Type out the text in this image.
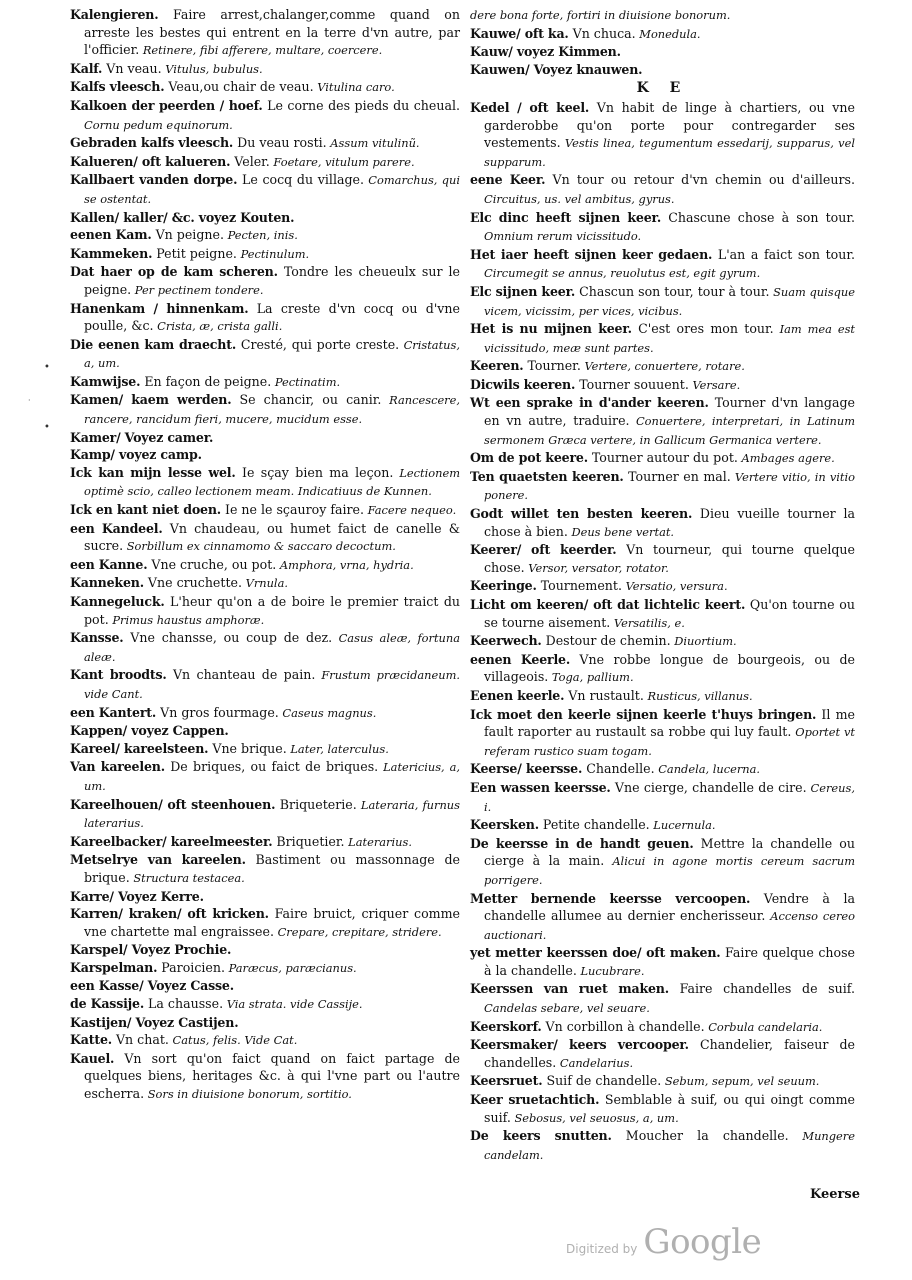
•
•
·

Kalengieren. Faire arrest,chalanger,comme quand on arreste les bestes qui entrent en la terre d'vn autre, par l'officier. Retinere, fibi afferere, multare, coercere.

Kalf. Vn veau. Vitulus, bubulus.

Kalfs vleesch. Veau,ou chair de veau. Vitulina caro.

Kalkoen der peerden / hoef. Le corne des pieds du cheual. Cornu pedum equinorum.

Gebraden kalfs vleesch. Du veau rosti. Assum vitulinũ.

Kalueren/ oft kalueren. Veler. Foetare, vitulum parere.

Kallbaert vanden dorpe. Le cocq du village. Comarchus, qui se ostentat.

Kallen/ kaller/ &c. voyez Kouten.

eenen Kam. Vn peigne. Pecten, inis.

Kammeken. Petit peigne. Pectinulum.

Dat haer op de kam scheren. Tondre les cheueulx sur le peigne. Per pectinem tondere.

Hanenkam / hinnenkam. La creste d'vn cocq ou d'vne poulle, &c. Crista, æ, crista galli.

Die eenen kam draecht. Cresté, qui porte creste. Cristatus, a, um.

Kamwijse. En façon de peigne. Pectinatim.

Kamen/ kaem werden. Se chancir, ou canir. Rancescere, rancere, rancidum fieri, mucere, mucidum esse.

Kamer/ Voyez camer.

Kamp/ voyez camp.

Ick kan mijn lesse wel. Ie sçay bien ma leçon. Lectionem optimè scio, calleo lectionem meam. Indicatiuus de Kunnen.

Ick en kant niet doen. Ie ne le sçauroy faire. Facere nequeo.

een Kandeel. Vn chaudeau, ou humet faict de canelle & sucre. Sorbillum ex cinnamomo & saccaro decoctum.

een Kanne. Vne cruche, ou pot. Amphora, vrna, hydria.

Kanneken. Vne cruchette. Vrnula.

Kannegeluck. L'heur qu'on a de boire le premier traict du pot. Primus haustus amphoræ.

Kansse. Vne chansse, ou coup de dez. Casus aleæ, fortuna aleæ.

Kant broodts. Vn chanteau de pain. Frustum præcidaneum. vide Cant.

een Kantert. Vn gros fourmage. Caseus magnus.

Kappen/ voyez Cappen.

Kareel/ kareelsteen. Vne brique. Later, laterculus.

Van kareelen. De briques, ou faict de briques. Latericius, a, um.

Kareelhouen/ oft steenhouen. Briqueterie. Lateraria, furnus laterarius.

Kareelbacker/ kareelmeester. Briquetier. Laterarius.

Metselrye van kareelen. Bastiment ou massonnage de brique. Structura testacea.

Karre/ Voyez Kerre.

Karren/ kraken/ oft kricken. Faire bruict, criquer comme vne chartette mal engraissee. Crepare, crepitare, stridere.

Karspel/ Voyez Prochie.

Karspelman. Paroicien. Paræcus, paræcianus.

een Kasse/ Voyez Casse.

de Kassije. La chausse. Via strata. vide Cassije.

Kastijen/ Voyez Castijen.

Katte. Vn chat. Catus, felis. Vide Cat.

Kauel. Vn sort qu'on faict quand on faict partage de quelques biens, heritages &c. à qui l'vne part ou l'autre escherra. Sors in diuisione bonorum, sortitio.

dere bona forte, fortiri in diuisione bonorum.

Kauwe/ oft ka. Vn chuca. Monedula.

Kauw/ voyez Kimmen.

Kauwen/ Voyez knauwen.

K E

Kedel / oft keel. Vn habit de linge à chartiers, ou vne garderobbe qu'on porte pour contregarder ses vestements. Vestis linea, tegumentum essedarij, supparus, vel supparum.

eene Keer. Vn tour ou retour d'vn chemin ou d'ailleurs. Circuitus, us. vel ambitus, gyrus.

Elc dinc heeft sijnen keer. Chascune chose à son tour. Omnium rerum vicissitudo.

Het iaer heeft sijnen keer gedaen. L'an a faict son tour. Circumegit se annus, reuolutus est, egit gyrum.

Elc sijnen keer. Chascun son tour, tour à tour. Suam quisque vicem, vicissim, per vices, vicibus.

Het is nu mijnen keer. C'est ores mon tour. Iam mea est vicissitudo, meæ sunt partes.

Keeren. Tourner. Vertere, conuertere, rotare.

Dicwils keeren. Tourner souuent. Versare.

Wt een sprake in d'ander keeren. Tourner d'vn langage en vn autre, traduire. Conuertere, interpretari, in Latinum sermonem Græca vertere, in Gallicum Germanica vertere.

Om de pot keere. Tourner autour du pot. Ambages agere.

Ten quaetsten keeren. Tourner en mal. Vertere vitio, in vitio ponere.

Godt willet ten besten keeren. Dieu vueille tourner la chose à bien. Deus bene vertat.

Keerer/ oft keerder. Vn tourneur, qui tourne quelque chose. Versor, versator, rotator.

Keeringe. Tournement. Versatio, versura.

Licht om keeren/ oft dat lichtelic keert. Qu'on tourne ou se tourne aisement. Versatilis, e.

Keerwech. Destour de chemin. Diuortium.

eenen Keerle. Vne robbe longue de bourgeois, ou de villageois. Toga, pallium.

Eenen keerle. Vn rustault. Rusticus, villanus.

Ick moet den keerle sijnen keerle t'huys bringen. Il me fault raporter au rustault sa robbe qui luy fault. Oportet vt referam rustico suam togam.

Keerse/ keersse. Chandelle. Candela, lucerna.

Een wassen keersse. Vne cierge, chandelle de cire. Cereus, i.

Keersken. Petite chandelle. Lucernula.

De keersse in de handt geuen. Mettre la chandelle ou cierge à la main. Alicui in agone mortis cereum sacrum porrigere.

Metter bernende keersse vercoopen. Vendre à la chandelle allumee au dernier encherisseur. Accenso cereo auctionari.

yet metter keerssen doe/ oft maken. Faire quelque chose à la chandelle. Lucubrare.

Keerssen van ruet maken. Faire chandelles de suif. Candelas sebare, vel seuare.

Keerskorf. Vn corbillon à chandelle. Corbula candelaria.

Keersmaker/ keers vercooper. Chandelier, faiseur de chandelles. Candelarius.

Keersruet. Suif de chandelle. Sebum, sepum, vel seuum.

Keer sruetachtich. Semblable à suif, ou qui oingt comme suif. Sebosus, vel seuosus, a, um.

De keers snutten. Moucher la chandelle. Mungere candelam.

Keerse
Digitized by Google
